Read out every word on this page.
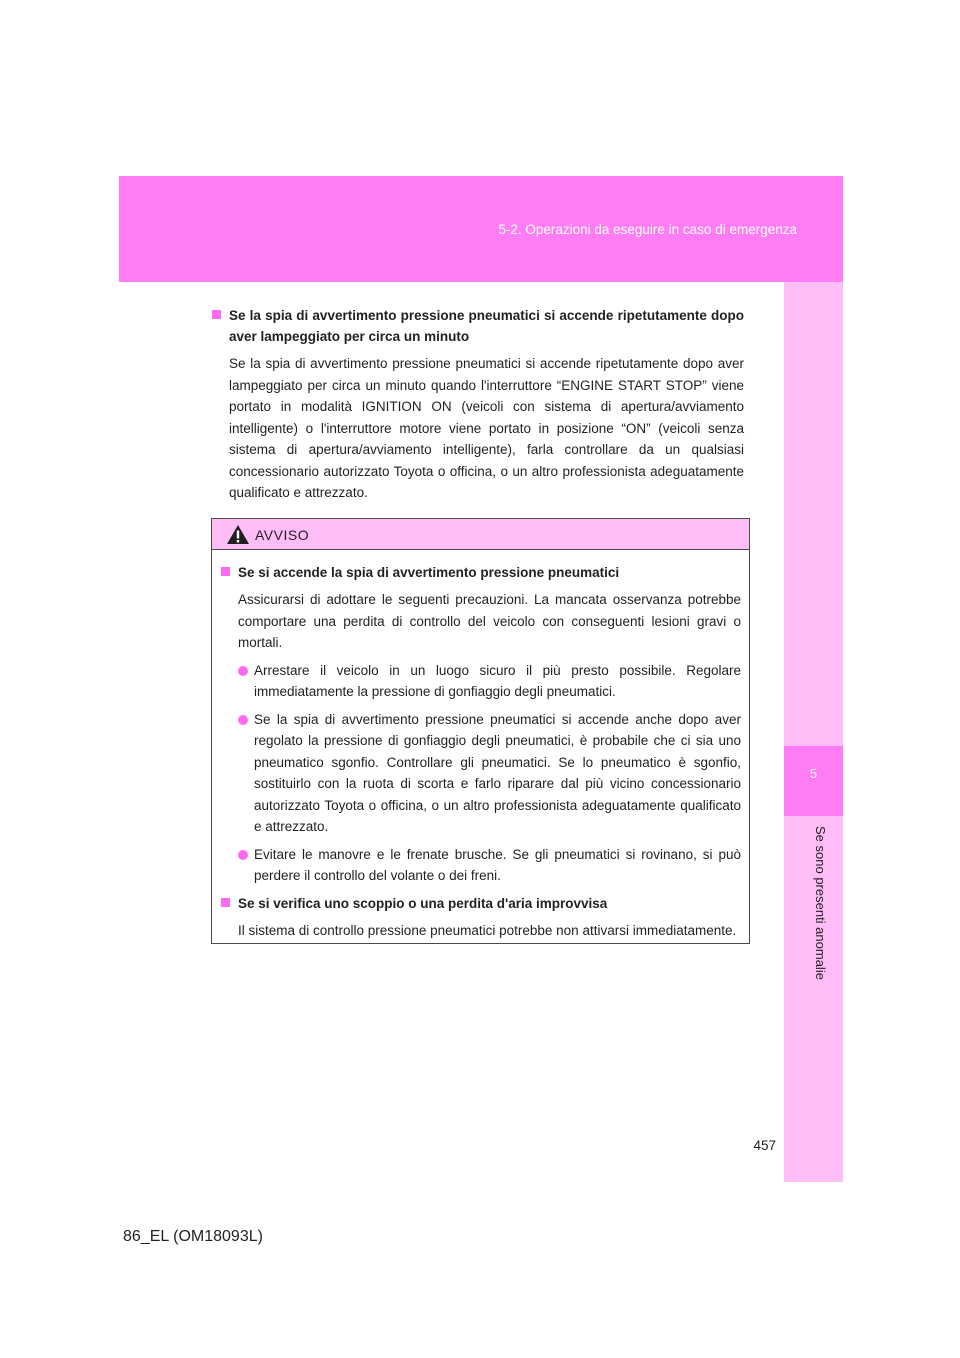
5-2. Operazioni da eseguire in caso di emergenza
5
Se sono presenti anomalie
Se la spia di avvertimento pressione pneumatici si accende ripetutamente dopo aver lampeggiato per circa un minuto
Se la spia di avvertimento pressione pneumatici si accende ripetutamente dopo aver lampeggiato per circa un minuto quando l'interruttore “ENGINE START STOP” viene portato in modalità IGNITION ON (veicoli con sistema di apertura/avviamento intelligente) o l'interruttore motore viene portato in posizione “ON” (veicoli senza sistema di apertura/avviamento intelligente), farla controllare da un qualsiasi concessionario autorizzato Toyota o officina, o un altro professionista adeguatamente qualificato e attrezzato.
AVVISO
Se si accende la spia di avvertimento pressione pneumatici
Assicurarsi di adottare le seguenti precauzioni. La mancata osservanza potrebbe comportare una perdita di controllo del veicolo con conseguenti lesioni gravi o mortali.
Arrestare il veicolo in un luogo sicuro il più presto possibile. Regolare immediatamente la pressione di gonfiaggio degli pneumatici.
Se la spia di avvertimento pressione pneumatici si accende anche dopo aver regolato la pressione di gonfiaggio degli pneumatici, è probabile che ci sia uno pneumatico sgonfio. Controllare gli pneumatici. Se lo pneumatico è sgonfio, sostituirlo con la ruota di scorta e farlo riparare dal più vicino concessionario autorizzato Toyota o officina, o un altro professionista adeguatamente qualificato e attrezzato.
Evitare le manovre e le frenate brusche. Se gli pneumatici si rovinano, si può perdere il controllo del volante o dei freni.
Se si verifica uno scoppio o una perdita d'aria improvvisa
Il sistema di controllo pressione pneumatici potrebbe non attivarsi immediatamente.
457
86_EL (OM18093L)
